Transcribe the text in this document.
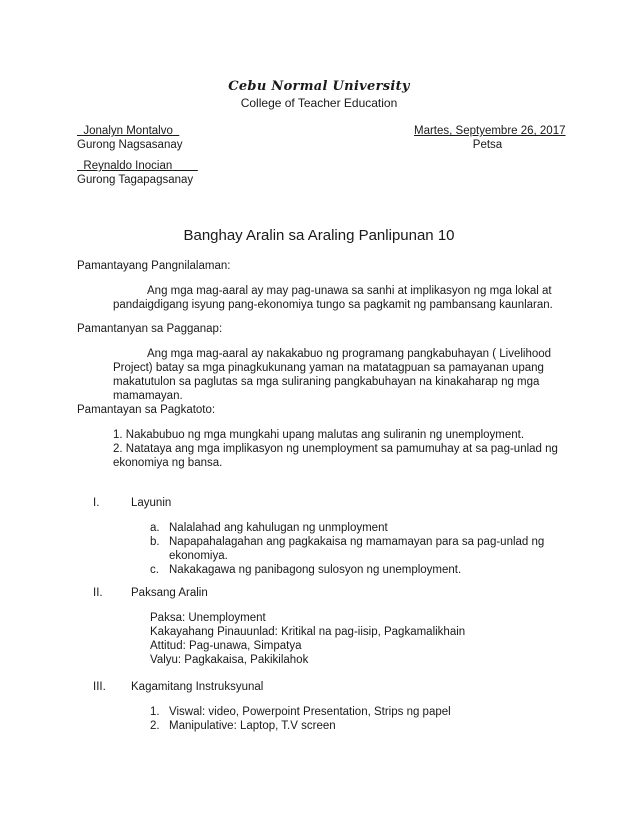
Cebu Normal University
College of Teacher Education
Jonalyn Montalvo
Gurong Nagsasanay
Martes, Septyembre 26, 2017
Petsa
Reynaldo Inocian
Gurong Tagapagsanay
Banghay Aralin sa Araling Panlipunan 10
Pamantayang Pangnilalaman:
Ang mga mag-aaral ay may pag-unawa sa sanhi at implikasyon ng mga lokal at pandaigdigang isyung pang-ekonomiya tungo sa pagkamit ng pambansang kaunlaran.
Pamantanyan sa Pagganap:
Ang mga mag-aaral ay nakakabuo ng programang pangkabuhayan ( Livelihood Project) batay sa mga pinagkukunang yaman na matatagpuan sa pamayanan upang makatutulon sa paglutas sa mga suliraning pangkabuhayan na kinakaharap ng mga mamamayan.
Pamantayan sa Pagkatoto:
1. Nakabubuo ng mga mungkahi upang malutas ang suliranin ng unemployment.
2. Natataya ang mga implikasyon ng unemployment sa pamumuhay at sa pag-unlad ng ekonomiya ng bansa.
I.	Layunin
a. Nalalahad ang kahulugan ng unmployment
b. Napapahalagahan ang pagkakaisa ng mamamayan para sa pag-unlad ng ekonomiya.
c. Nakakagawa ng panibagong sulosyon ng unemployment.
II. Paksang Aralin
Paksa: Unemployment
Kakayahang Pinauunlad: Kritikal na pag-iisip, Pagkamalikhain
Attitud: Pag-unawa, Simpatya
Valyu: Pagkakaisa, Pakikilahok
III. Kagamitang Instruksyunal
1. Viswal: video, Powerpoint Presentation, Strips ng papel
2. Manipulative: Laptop, T.V screen
